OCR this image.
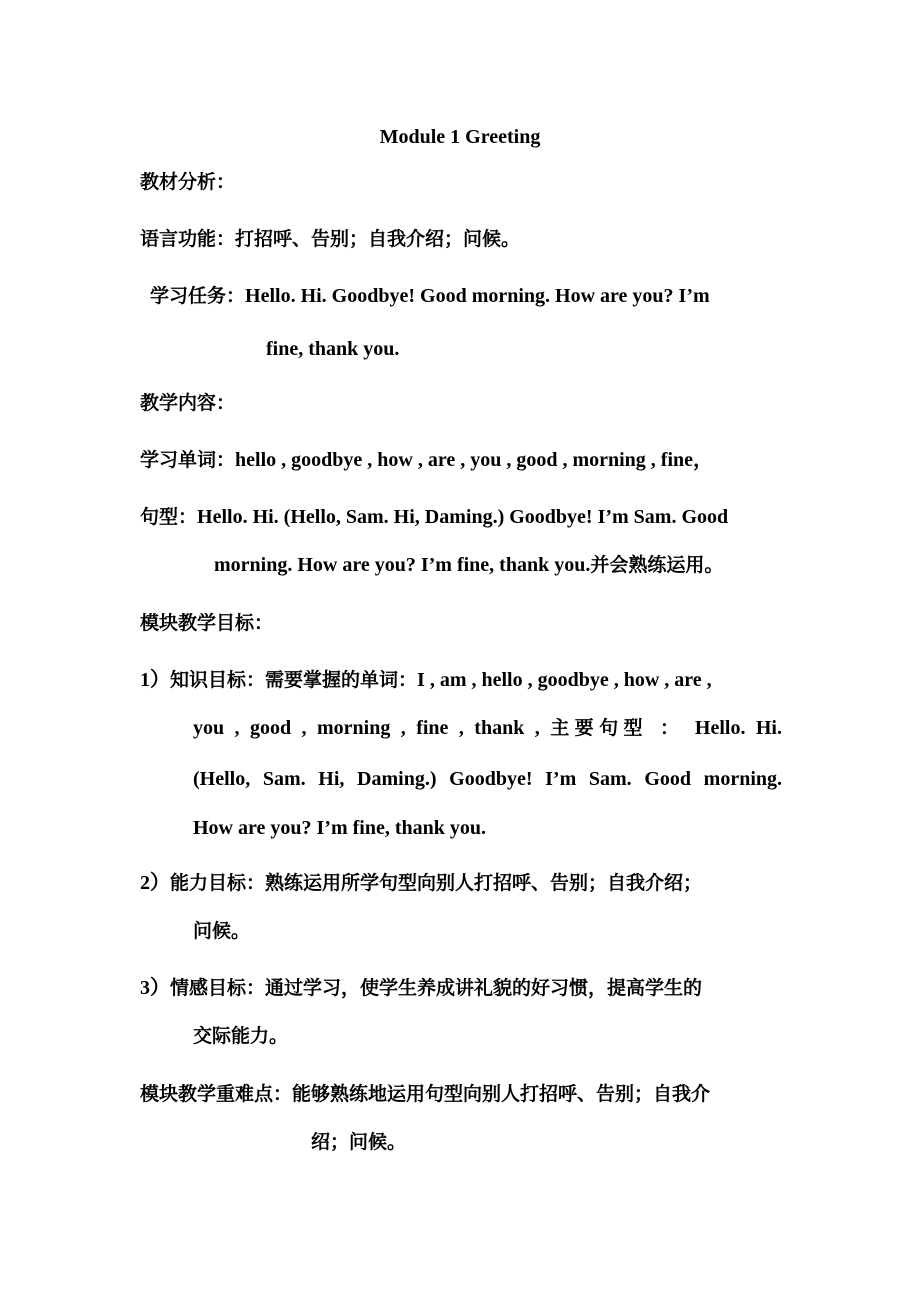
Module 1 Greeting
教材分析：
语言功能：打招呼、告别；自我介绍；问候。
学习任务：Hello. Hi. Goodbye! Good morning. How are you? I’m
fine, thank you.
教学内容：
学习单词：hello , goodbye , how , are , you , good , morning , fine，
句型：Hello. Hi. (Hello, Sam. Hi, Daming.) Goodbye! I’m Sam. Good
morning. How are you? I’m fine, thank you.并会熟练运用。
模块教学目标：
1）知识目标：需要掌握的单词：I , am , hello , goodbye , how , are ,
you , good , morning , fine , thank , 主要句型 ： Hello. Hi.
(Hello, Sam. Hi, Daming.) Goodbye! I’m Sam. Good morning.
How are you? I’m fine, thank you.
2）能力目标：熟练运用所学句型向别人打招呼、告别；自我介绍；
问候。
3）情感目标：通过学习，使学生养成讲礼貌的好习惯，提高学生的
交际能力。
模块教学重难点：能够熟练地运用句型向别人打招呼、告别；自我介
绍；问候。
